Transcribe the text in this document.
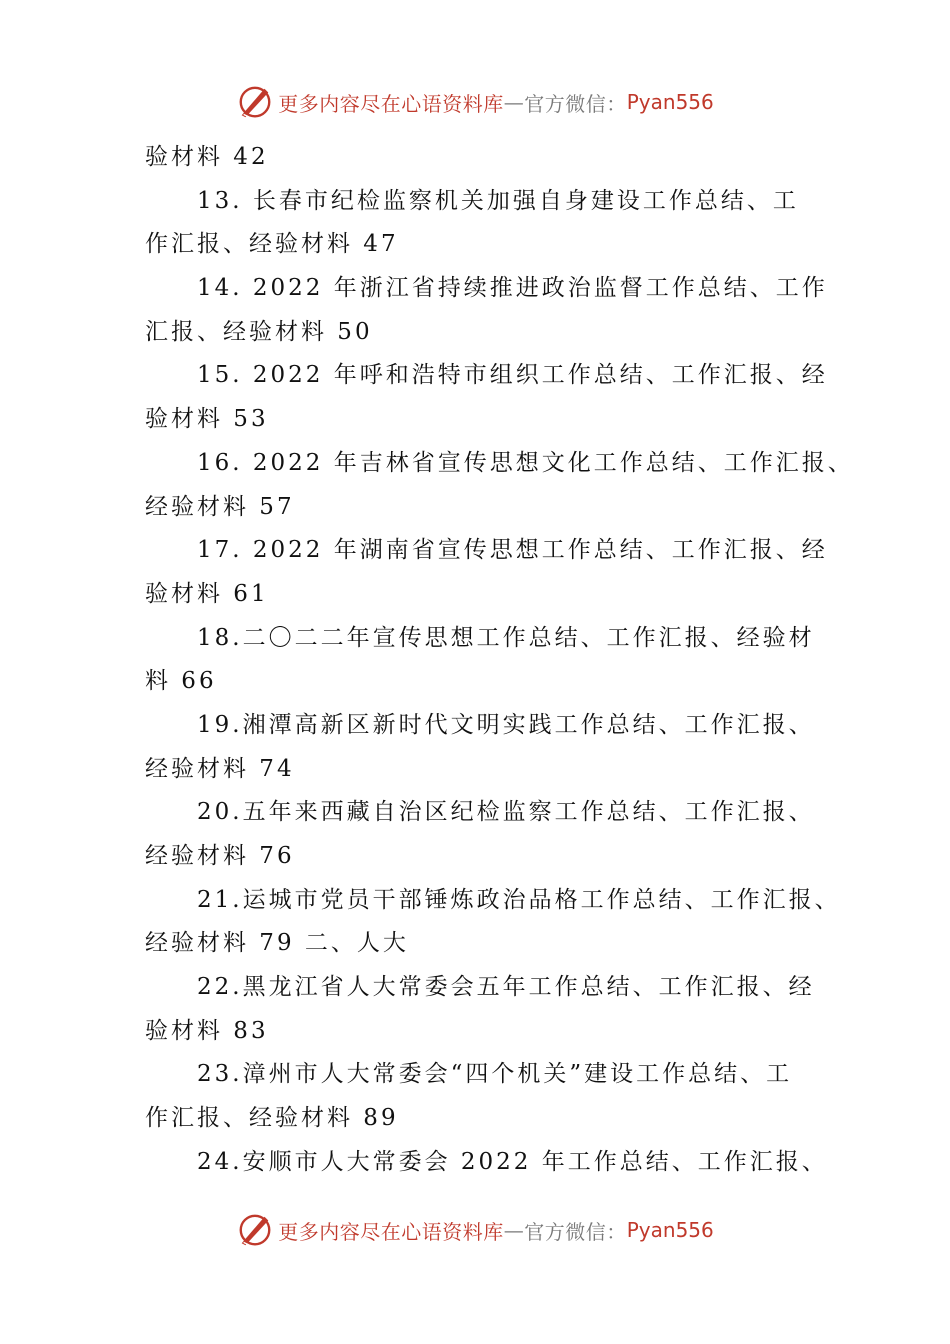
更多内容尽在心语资料库 — 官方微信： Pyan556
验材料 42
13. 长春市纪检监察机关加强自身建设工作总结、工
作汇报、经验材料 47
14. 2022 年浙江省持续推进政治监督工作总结、工作
汇报、经验材料 50
15. 2022 年呼和浩特市组织工作总结、工作汇报、经
验材料 53
16. 2022 年吉林省宣传思想文化工作总结、工作汇报、
经验材料 57
17. 2022 年湖南省宣传思想工作总结、工作汇报、经
验材料 61
18.二〇二二年宣传思想工作总结、工作汇报、经验材
料 66
19.湘潭高新区新时代文明实践工作总结、工作汇报、
经验材料 74
20.五年来西藏自治区纪检监察工作总结、工作汇报、
经验材料 76
21.运城市党员干部锤炼政治品格工作总结、工作汇报、
经验材料 79 二、人大
22.黑龙江省人大常委会五年工作总结、工作汇报、经
验材料 83
23.漳州市人大常委会“四个机关”建设工作总结、工
作汇报、经验材料 89
24.安顺市人大常委会 2022 年工作总结、工作汇报、
更多内容尽在心语资料库 — 官方微信： Pyan556
